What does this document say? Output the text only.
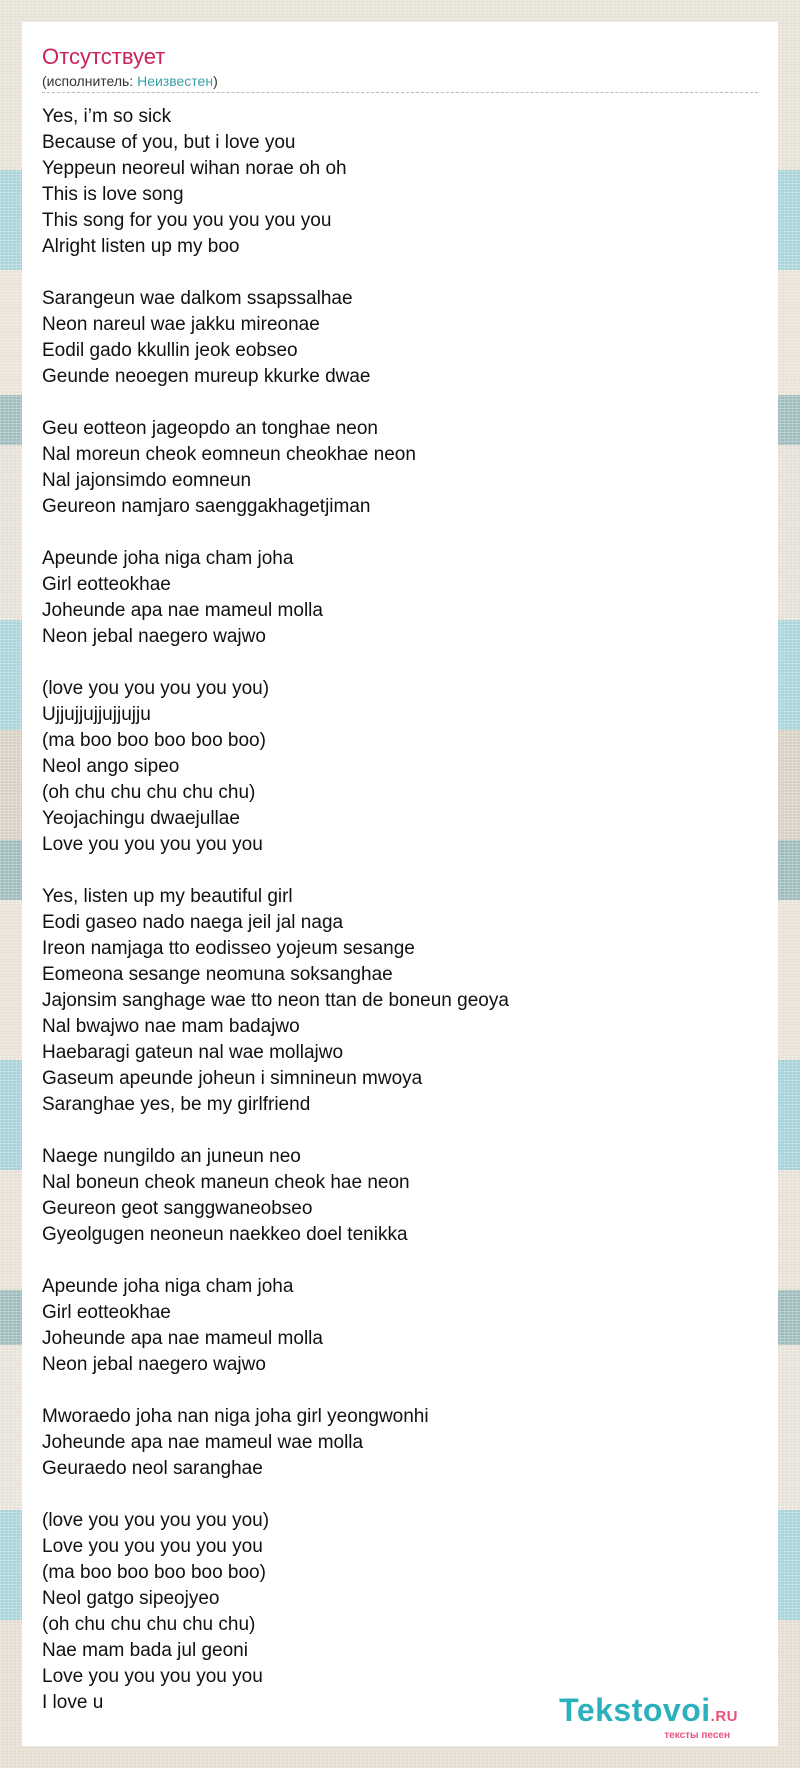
Отсутствует
(исполнитель: Неизвестен)
Yes, i’m so sick
Because of you, but i love you
Yeppeun neoreul wihan norae oh oh
This is love song
This song for you you you you you
Alright listen up my boo
Sarangeun wae dalkom ssapssalhae
Neon nareul wae jakku mireonae
Eodil gado kkullin jeok eobseo
Geunde neoegen mureup kkurke dwae
Geu eotteon jageopdo an tonghae neon
Nal moreun cheok eomneun cheokhae neon
Nal jajonsimdo eomneun
Geureon namjaro saenggakhagetjiman
Apeunde joha niga cham joha
Girl eotteokhae
Joheunde apa nae mameul molla
Neon jebal naegero wajwo
(love you you you you you)
Ujjujjujjujjujju
(ma boo boo boo boo boo)
Neol ango sipeo
(oh chu chu chu chu chu)
Yeojachingu dwaejullae
Love you you you you you
Yes, listen up my beautiful girl
Eodi gaseo nado naega jeil jal naga
Ireon namjaga tto eodisseo yojeum sesange
Eomeona sesange neomuna soksanghae
Jajonsim sanghage wae tto neon ttan de boneun geoya
Nal bwajwo nae mam badajwo
Haebaragi gateun nal wae mollajwo
Gaseum apeunde joheun i simnineun mwoya
Saranghae yes, be my girlfriend
Naege nungildo an juneun neo
Nal boneun cheok maneun cheok hae neon
Geureon geot sanggwaneobseo
Gyeolgugen neoneun naekkeo doel tenikka
Apeunde joha niga cham joha
Girl eotteokhae
Joheunde apa nae mameul molla
Neon jebal naegero wajwo
Mworaedo joha nan niga joha girl yeongwonhi
Joheunde apa nae mameul wae molla
Geuraedo neol saranghae
(love you you you you you)
Love you you you you you
(ma boo boo boo boo boo)
Neol gatgo sipeojyeo
(oh chu chu chu chu chu)
Nae mam bada jul geoni
Love you you you you you
I love u	Tekstovoi.RU
тексты песен
